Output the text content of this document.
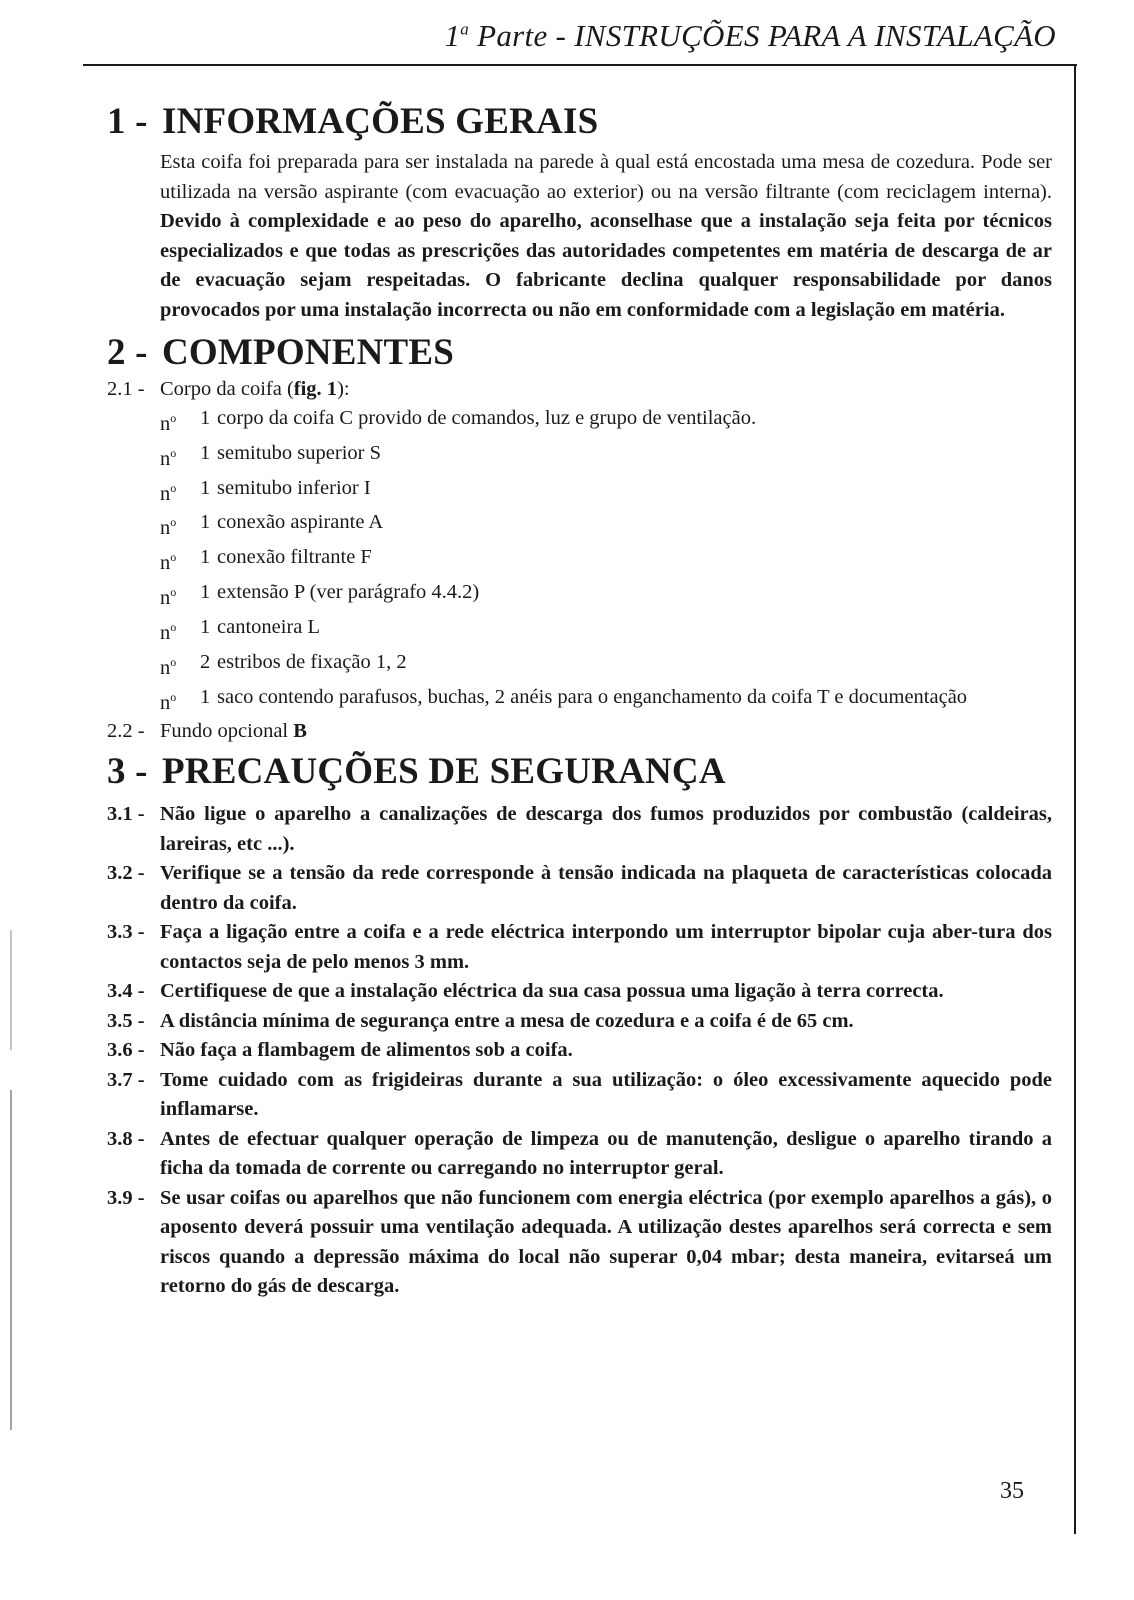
1$^a$ Parte - INSTRUÇÕES PARA A INSTALAÇÃO
1 - INFORMAÇÕES GERAIS

Esta coifa foi preparada para ser instalada na parede à qual está encostada uma mesa de cozedura. Pode ser utilizada na versão aspirante (com evacuação ao exterior) ou na versão filtrante (com reciclagem interna). Devido à complexidade e ao peso do aparelho, aconselhase que a instalação seja feita por técnicos especializados e que todas as prescrições das autoridades competentes em matéria de descarga de ar de evacuação sejam respeitadas. O fabricante declina qualquer responsabilidade por danos provocados por uma instalação incorrecta ou não em conformidade com a legislação em matéria.

2 - COMPONENTES

2.1 - Corpo da coifa (fig. 1):

$n^o$	1 corpo da coifa C provido de comandos, luz e grupo de ventilação.
$n^o$	1 semitubo superior S
$n^o$	1 semitubo inferior I
$n^o$	1 conexão aspirante A
$n^o$	1 conexão filtrante F
$n^o$	1 extensão P (ver parágrafo 4.4.2)
$n^o$	1 cantoneira L
$n^o$	2 estribos de fixação 1, 2
$n^o$	1 saco contendo parafusos, buchas, 2 anéis para o enganchamento da coifa T e documentação

2.2 - Fundo opcional B

3 - PRECAUÇÕES DE SEGURANÇA
3.1 - Não ligue o aparelho a canalizações de descarga dos fumos produzidos por combustão (caldeiras, lareiras, etc ...).
3.2 - Verifique se a tensão da rede corresponde à tensão indicada na plaqueta de características colocada dentro da coifa.
3.3 - Faça a ligação entre a coifa e a rede eléctrica interpondo um interruptor bipolar cuja aber-tura dos contactos seja de pelo menos 3 mm.
3.4 - Certifiquese de que a instalação eléctrica da sua casa possua uma ligação à terra correcta.
3.5 - A distância mínima de segurança entre a mesa de cozedura e a coifa é de 65 cm.
3.6 - Não faça a flambagem de alimentos sob a coifa.
3.7 - Tome cuidado com as frigideiras durante a sua utilização: o óleo excessivamente aquecido pode inflamarse.
3.8 - Antes de efectuar qualquer operação de limpeza ou de manutenção, desligue o aparelho tirando a ficha da tomada de corrente ou carregando no interruptor geral.
3.9 - Se usar coifas ou aparelhos que não funcionem com energia eléctrica (por exemplo aparelhos a gás), o aposento deverá possuir uma ventilação adequada. A utilização destes aparelhos será correcta e sem riscos quando a depressão máxima do local não superar 0,04 mbar; desta maneira, evitarseá um retorno do gás de descarga.
35
